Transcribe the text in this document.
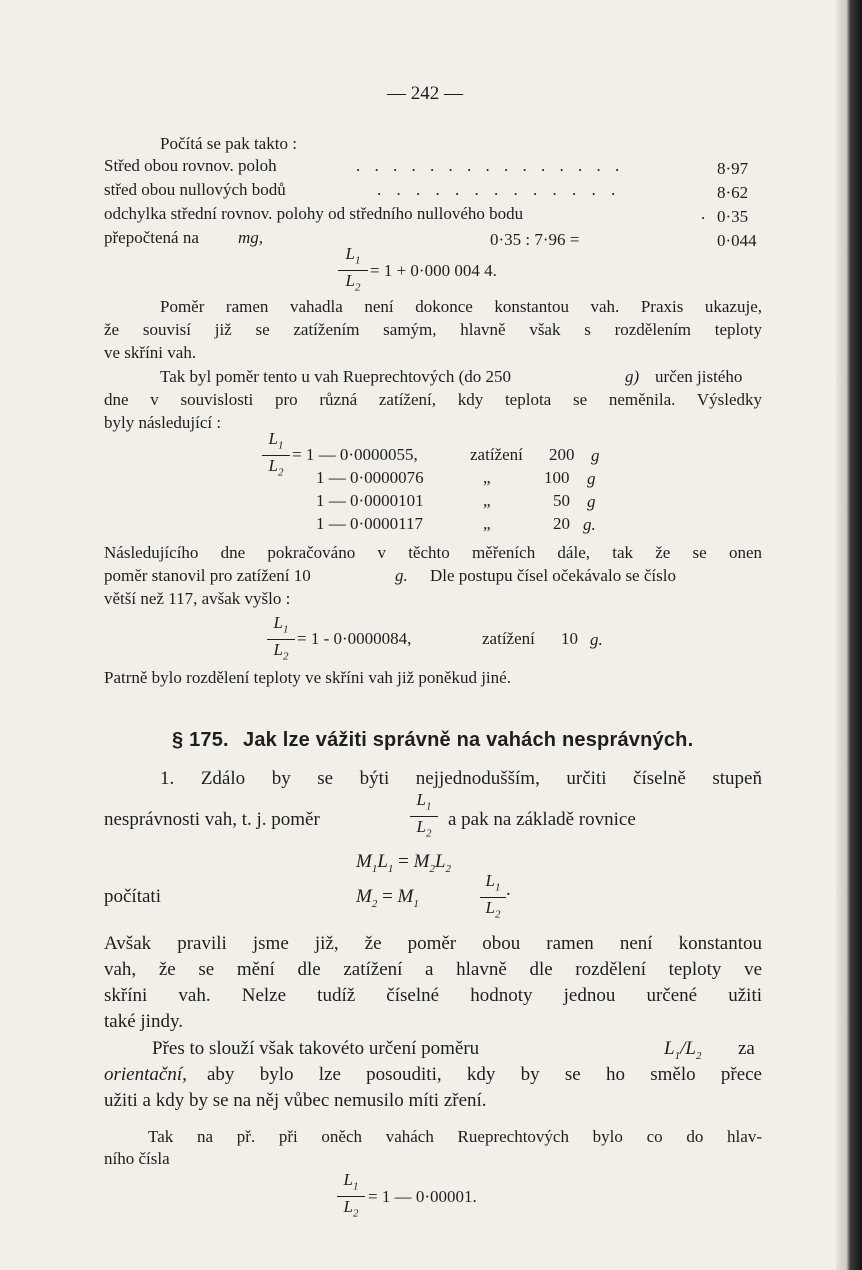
— 242 —
Počítá se pak takto :
Střed obou rovnov. poloh	. . . . . . . . . . . . . . .	8·97
střed obou nullových bodů	. . . . . . . . . . . . .	8·62
odchylka střední rovnov. polohy od středního nullového bodu	. 0·35
přepočtená na mg,	0·35 : 7·96 =	0·044
$L_1$
$L_2$
= 1 + 0·000 004 4.
Poměr ramen vahadla není dokonce konstantou vah. Praxis ukazuje,
že souvisí již se zatížením samým, hlavně však s rozdělením teploty
ve skříni vah.
Tak byl poměr tento u vah Rueprechtových (do 250	g) určen jistého
dne v souvislosti pro různá zatížení, kdy teplota se neměnila. Výsledky
byly následující :
$L_1$
$L_2$
= 1 — 0·0000055,	zatížení 200 g
1 — 0·0000076	„	100 g
1 — 0·0000101	„	50 g
1 — 0·0000117	„	20 g.
Následujícího dne pokračováno v těchto měřeních dále, tak že se onen
poměr stanovil pro zatížení 10	g. Dle postupu čísel očekávalo se číslo
větší než 117, avšak vyšlo :
$L_1$
$L_2$
= 1 - 0·0000084,	zatížení 10 g.
Patrně bylo rozdělení teploty ve skříni vah již poněkud jiné.
§ 175. Jak lze vážiti správně na vahách nesprávných.
1. Zdálo by se býti nejjednodušším, určiti číselně stupeň
nesprávnosti vah, t. j. poměr
$L_1$
$L_2$
a pak na základě rovnice
$M_1L_1 = M_2L_2$
počítati	$M_2 = M_1$
$L_1$
$L_2$
.
Avšak pravili jsme již, že poměr obou ramen není konstantou
vah, že se mění dle zatížení a hlavně dle rozdělení teploty ve
skříni vah. Nelze tudíž číselné hodnoty jednou určené užiti
také jindy.
Přes to slouží však takovéto určení poměru	$L_1/L_2$ za
orientační, aby bylo lze posouditi, kdy by se ho smělo přece
užiti a kdy by se na něj vůbec nemusilo míti zření.
Tak na př. při oněch vahách Rueprechtových bylo co do hlav-
ního čísla
$L_1$
$L_2$
= 1 — 0·00001.
